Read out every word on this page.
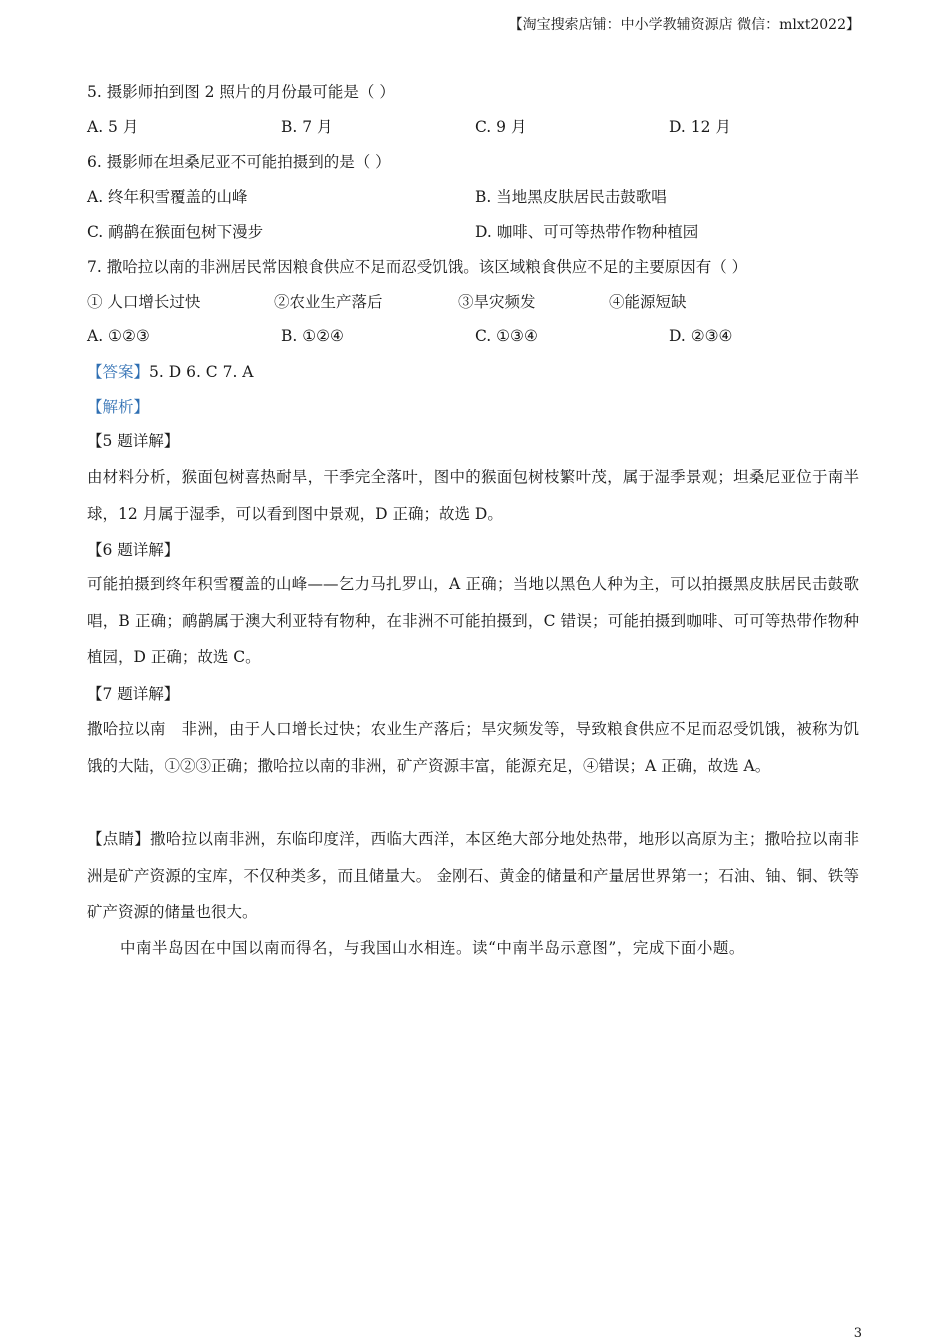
【淘宝搜索店铺：中小学教辅资源店 微信：mlxt2022】
5. 摄影师拍到图 2 照片的月份最可能是（ ）
A. 5 月	B. 7 月	C. 9 月	D. 12 月
6. 摄影师在坦桑尼亚不可能拍摄到的是（ ）
A. 终年积雪覆盖的山峰	B. 当地黑皮肤居民击鼓歌唱
C. 鸸鹋在猴面包树下漫步	D. 咖啡、可可等热带作物种植园
7. 撒哈拉以南的非洲居民常因粮食供应不足而忍受饥饿。该区域粮食供应不足的主要原因有（ ）
① 人口增长过快	②农业生产落后	③旱灾频发	④能源短缺
A. ①②③	B. ①②④	C. ①③④	D. ②③④
【答案】5. D 6. C 7. A
【解析】
【5 题详解】
由材料分析，猴面包树喜热耐旱，干季完全落叶，图中的猴面包树枝繁叶茂，属于湿季景观；坦桑尼亚位于南半球，12 月属于湿季，可以看到图中景观，D 正确；故选 D。
【6 题详解】
可能拍摄到终年积雪覆盖的山峰——乞力马扎罗山，A 正确；当地以黑色人种为主，可以拍摄黑皮肤居民击鼓歌唱，B 正确；鸸鹋属于澳大利亚特有物种，在非洲不可能拍摄到，C 错误；可能拍摄到咖啡、可可等热带作物种植园，D 正确；故选 C。
【7 题详解】
撒哈拉以南　非洲，由于人口增长过快；农业生产落后；旱灾频发等，导致粮食供应不足而忍受饥饿，被称为饥饿的大陆，①②③正确；撒哈拉以南的非洲，矿产资源丰富，能源充足，④错误；A 正确，故选 A。
【点睛】撒哈拉以南非洲，东临印度洋，西临大西洋，本区绝大部分地处热带，地形以高原为主；撒哈拉以南非洲是矿产资源的宝库，不仅种类多，而且储量大。 金刚石、黄金的储量和产量居世界第一；石油、铀、铜、铁等矿产资源的储量也很大。
中南半岛因在中国以南而得名，与我国山水相连。读“中南半岛示意图”，完成下面小题。
3
